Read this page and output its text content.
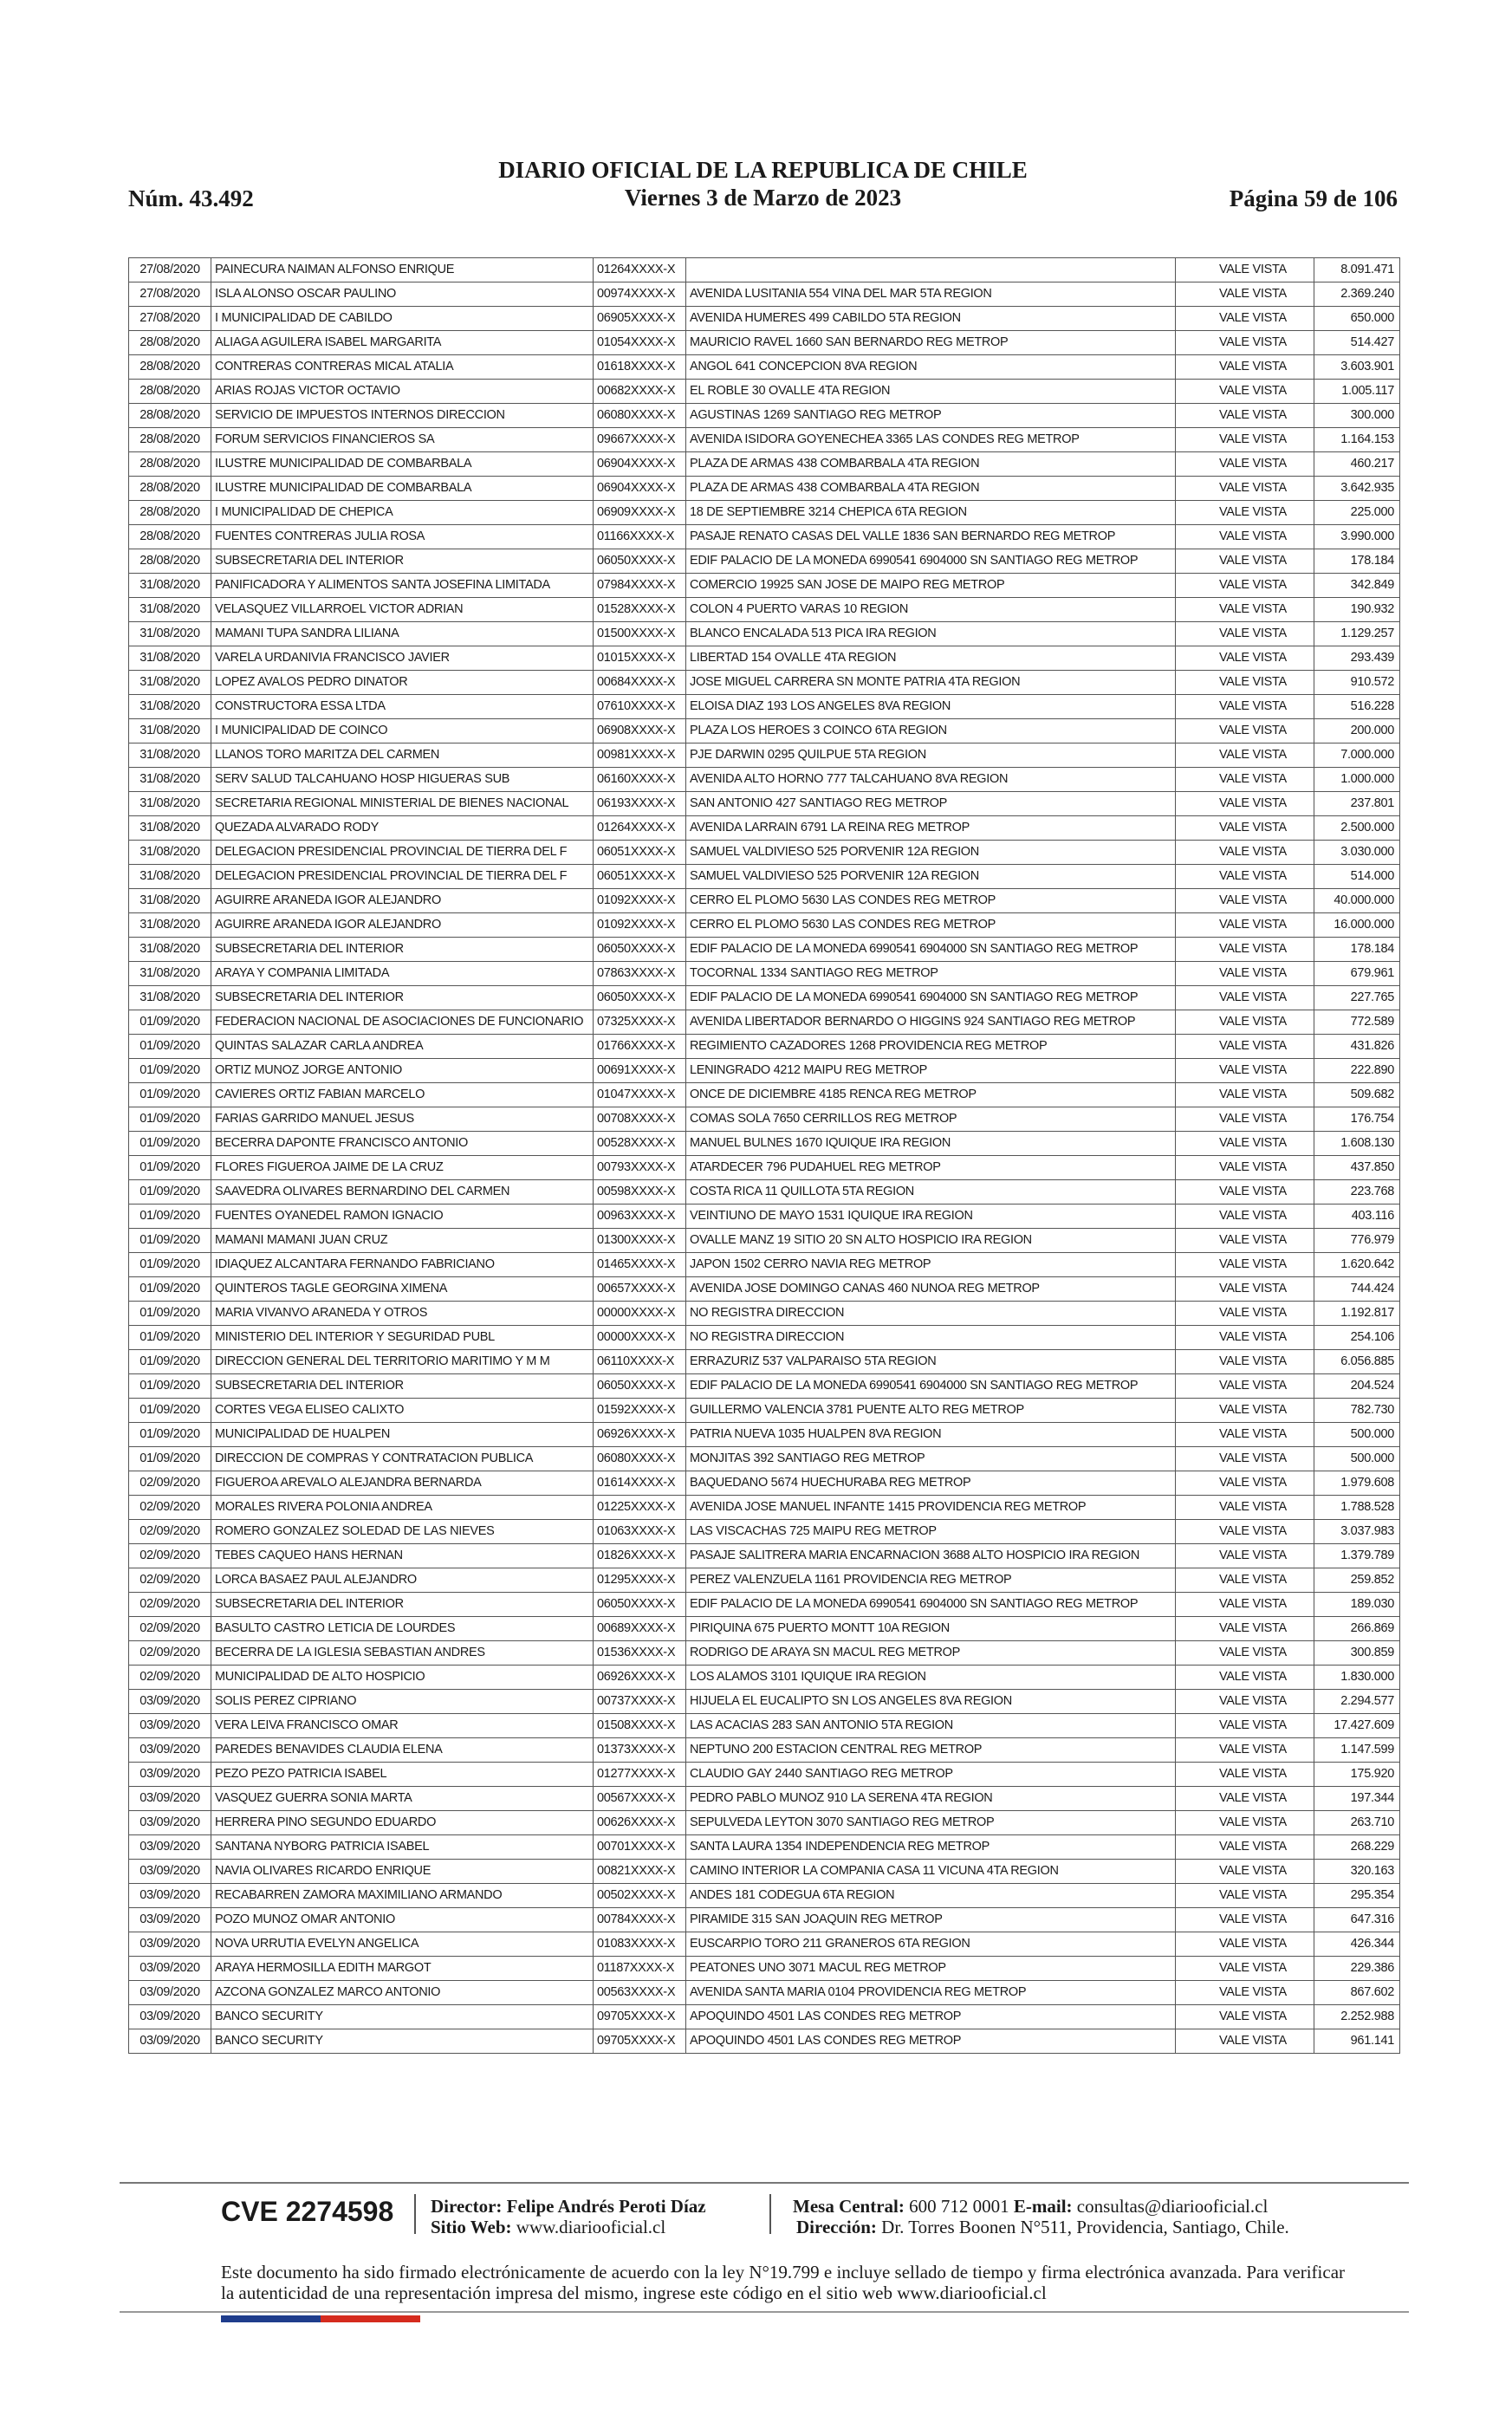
DIARIO OFICIAL DE LA REPUBLICA DE CHILE
Viernes 3 de Marzo de 2023
Núm. 43.492	Página 59 de 106
27/08/2020	PAINECURA NAIMAN ALFONSO ENRIQUE	01264XXXX-X		VALE VISTA	8.091.471
27/08/2020	ISLA ALONSO OSCAR PAULINO	00974XXXX-X	AVENIDA LUSITANIA 554 VINA DEL MAR 5TA REGION	VALE VISTA	2.369.240
27/08/2020	I MUNICIPALIDAD DE CABILDO	06905XXXX-X	AVENIDA HUMERES 499 CABILDO 5TA REGION	VALE VISTA	650.000
28/08/2020	ALIAGA AGUILERA ISABEL MARGARITA	01054XXXX-X	MAURICIO RAVEL 1660 SAN BERNARDO REG METROP	VALE VISTA	514.427
28/08/2020	CONTRERAS CONTRERAS MICAL ATALIA	01618XXXX-X	ANGOL 641 CONCEPCION 8VA REGION	VALE VISTA	3.603.901
28/08/2020	ARIAS ROJAS VICTOR OCTAVIO	00682XXXX-X	EL ROBLE 30 OVALLE 4TA REGION	VALE VISTA	1.005.117
28/08/2020	SERVICIO DE IMPUESTOS INTERNOS DIRECCION	06080XXXX-X	AGUSTINAS 1269 SANTIAGO REG METROP	VALE VISTA	300.000
28/08/2020	FORUM SERVICIOS FINANCIEROS SA	09667XXXX-X	AVENIDA ISIDORA GOYENECHEA 3365 LAS CONDES REG METROP	VALE VISTA	1.164.153
28/08/2020	ILUSTRE MUNICIPALIDAD DE COMBARBALA	06904XXXX-X	PLAZA DE ARMAS 438 COMBARBALA 4TA REGION	VALE VISTA	460.217
28/08/2020	ILUSTRE MUNICIPALIDAD DE COMBARBALA	06904XXXX-X	PLAZA DE ARMAS 438 COMBARBALA 4TA REGION	VALE VISTA	3.642.935
28/08/2020	I MUNICIPALIDAD DE CHEPICA	06909XXXX-X	18 DE SEPTIEMBRE 3214 CHEPICA 6TA REGION	VALE VISTA	225.000
28/08/2020	FUENTES CONTRERAS JULIA ROSA	01166XXXX-X	PASAJE RENATO CASAS DEL VALLE 1836 SAN BERNARDO REG METROP	VALE VISTA	3.990.000
28/08/2020	SUBSECRETARIA DEL INTERIOR	06050XXXX-X	EDIF PALACIO DE LA MONEDA 6990541 6904000 SN SANTIAGO REG METROP	VALE VISTA	178.184
31/08/2020	PANIFICADORA Y ALIMENTOS SANTA JOSEFINA LIMITADA	07984XXXX-X	COMERCIO 19925 SAN JOSE DE MAIPO REG METROP	VALE VISTA	342.849
31/08/2020	VELASQUEZ VILLARROEL VICTOR ADRIAN	01528XXXX-X	COLON 4 PUERTO VARAS 10 REGION	VALE VISTA	190.932
31/08/2020	MAMANI TUPA SANDRA LILIANA	01500XXXX-X	BLANCO ENCALADA 513 PICA IRA REGION	VALE VISTA	1.129.257
31/08/2020	VARELA URDANIVIA FRANCISCO JAVIER	01015XXXX-X	LIBERTAD 154 OVALLE 4TA REGION	VALE VISTA	293.439
31/08/2020	LOPEZ AVALOS PEDRO DINATOR	00684XXXX-X	JOSE MIGUEL CARRERA SN MONTE PATRIA 4TA REGION	VALE VISTA	910.572
31/08/2020	CONSTRUCTORA ESSA LTDA	07610XXXX-X	ELOISA DIAZ 193 LOS ANGELES 8VA REGION	VALE VISTA	516.228
31/08/2020	I MUNICIPALIDAD DE COINCO	06908XXXX-X	PLAZA LOS HEROES 3 COINCO 6TA REGION	VALE VISTA	200.000
31/08/2020	LLANOS TORO MARITZA DEL CARMEN	00981XXXX-X	PJE DARWIN 0295 QUILPUE 5TA REGION	VALE VISTA	7.000.000
31/08/2020	SERV SALUD TALCAHUANO HOSP HIGUERAS SUB	06160XXXX-X	AVENIDA ALTO HORNO 777 TALCAHUANO 8VA REGION	VALE VISTA	1.000.000
31/08/2020	SECRETARIA REGIONAL MINISTERIAL DE BIENES NACIONAL	06193XXXX-X	SAN ANTONIO 427 SANTIAGO REG METROP	VALE VISTA	237.801
31/08/2020	QUEZADA ALVARADO RODY	01264XXXX-X	AVENIDA LARRAIN 6791 LA REINA REG METROP	VALE VISTA	2.500.000
31/08/2020	DELEGACION PRESIDENCIAL PROVINCIAL DE TIERRA DEL F	06051XXXX-X	SAMUEL VALDIVIESO 525 PORVENIR 12A REGION	VALE VISTA	3.030.000
31/08/2020	DELEGACION PRESIDENCIAL PROVINCIAL DE TIERRA DEL F	06051XXXX-X	SAMUEL VALDIVIESO 525 PORVENIR 12A REGION	VALE VISTA	514.000
31/08/2020	AGUIRRE ARANEDA IGOR ALEJANDRO	01092XXXX-X	CERRO EL PLOMO 5630 LAS CONDES REG METROP	VALE VISTA	40.000.000
31/08/2020	AGUIRRE ARANEDA IGOR ALEJANDRO	01092XXXX-X	CERRO EL PLOMO 5630 LAS CONDES REG METROP	VALE VISTA	16.000.000
31/08/2020	SUBSECRETARIA DEL INTERIOR	06050XXXX-X	EDIF PALACIO DE LA MONEDA 6990541 6904000 SN SANTIAGO REG METROP	VALE VISTA	178.184
31/08/2020	ARAYA Y COMPANIA LIMITADA	07863XXXX-X	TOCORNAL 1334 SANTIAGO REG METROP	VALE VISTA	679.961
31/08/2020	SUBSECRETARIA DEL INTERIOR	06050XXXX-X	EDIF PALACIO DE LA MONEDA 6990541 6904000 SN SANTIAGO REG METROP	VALE VISTA	227.765
01/09/2020	FEDERACION NACIONAL DE ASOCIACIONES DE FUNCIONARIO	07325XXXX-X	AVENIDA LIBERTADOR BERNARDO O HIGGINS 924 SANTIAGO REG METROP	VALE VISTA	772.589
01/09/2020	QUINTAS SALAZAR CARLA ANDREA	01766XXXX-X	REGIMIENTO CAZADORES 1268 PROVIDENCIA REG METROP	VALE VISTA	431.826
01/09/2020	ORTIZ MUNOZ JORGE ANTONIO	00691XXXX-X	LENINGRADO 4212 MAIPU REG METROP	VALE VISTA	222.890
01/09/2020	CAVIERES ORTIZ FABIAN MARCELO	01047XXXX-X	ONCE DE DICIEMBRE 4185 RENCA REG METROP	VALE VISTA	509.682
01/09/2020	FARIAS GARRIDO MANUEL JESUS	00708XXXX-X	COMAS SOLA 7650 CERRILLOS REG METROP	VALE VISTA	176.754
01/09/2020	BECERRA DAPONTE FRANCISCO ANTONIO	00528XXXX-X	MANUEL BULNES 1670 IQUIQUE IRA REGION	VALE VISTA	1.608.130
01/09/2020	FLORES FIGUEROA JAIME DE LA CRUZ	00793XXXX-X	ATARDECER 796 PUDAHUEL REG METROP	VALE VISTA	437.850
01/09/2020	SAAVEDRA OLIVARES BERNARDINO DEL CARMEN	00598XXXX-X	COSTA RICA 11 QUILLOTA 5TA REGION	VALE VISTA	223.768
01/09/2020	FUENTES OYANEDEL RAMON IGNACIO	00963XXXX-X	VEINTIUNO DE MAYO 1531 IQUIQUE IRA REGION	VALE VISTA	403.116
01/09/2020	MAMANI MAMANI JUAN CRUZ	01300XXXX-X	OVALLE MANZ 19 SITIO 20 SN ALTO HOSPICIO IRA REGION	VALE VISTA	776.979
01/09/2020	IDIAQUEZ ALCANTARA FERNANDO FABRICIANO	01465XXXX-X	JAPON 1502 CERRO NAVIA REG METROP	VALE VISTA	1.620.642
01/09/2020	QUINTEROS TAGLE GEORGINA XIMENA	00657XXXX-X	AVENIDA JOSE DOMINGO CANAS 460 NUNOA REG METROP	VALE VISTA	744.424
01/09/2020	MARIA VIVANVO ARANEDA Y OTROS	00000XXXX-X	NO REGISTRA DIRECCION	VALE VISTA	1.192.817
01/09/2020	MINISTERIO DEL INTERIOR Y SEGURIDAD PUBL	00000XXXX-X	NO REGISTRA DIRECCION	VALE VISTA	254.106
01/09/2020	DIRECCION GENERAL DEL TERRITORIO MARITIMO Y M M	06110XXXX-X	ERRAZURIZ 537 VALPARAISO 5TA REGION	VALE VISTA	6.056.885
01/09/2020	SUBSECRETARIA DEL INTERIOR	06050XXXX-X	EDIF PALACIO DE LA MONEDA 6990541 6904000 SN SANTIAGO REG METROP	VALE VISTA	204.524
01/09/2020	CORTES VEGA ELISEO CALIXTO	01592XXXX-X	GUILLERMO VALENCIA 3781 PUENTE ALTO REG METROP	VALE VISTA	782.730
01/09/2020	MUNICIPALIDAD DE HUALPEN	06926XXXX-X	PATRIA NUEVA 1035 HUALPEN 8VA REGION	VALE VISTA	500.000
01/09/2020	DIRECCION DE COMPRAS Y CONTRATACION PUBLICA	06080XXXX-X	MONJITAS 392 SANTIAGO REG METROP	VALE VISTA	500.000
02/09/2020	FIGUEROA AREVALO ALEJANDRA BERNARDA	01614XXXX-X	BAQUEDANO 5674 HUECHURABA REG METROP	VALE VISTA	1.979.608
02/09/2020	MORALES RIVERA POLONIA ANDREA	01225XXXX-X	AVENIDA JOSE MANUEL INFANTE 1415 PROVIDENCIA REG METROP	VALE VISTA	1.788.528
02/09/2020	ROMERO GONZALEZ SOLEDAD DE LAS NIEVES	01063XXXX-X	LAS VISCACHAS 725 MAIPU REG METROP	VALE VISTA	3.037.983
02/09/2020	TEBES CAQUEO HANS HERNAN	01826XXXX-X	PASAJE SALITRERA MARIA ENCARNACION 3688 ALTO HOSPICIO IRA REGION	VALE VISTA	1.379.789
02/09/2020	LORCA BASAEZ PAUL ALEJANDRO	01295XXXX-X	PEREZ VALENZUELA 1161 PROVIDENCIA REG METROP	VALE VISTA	259.852
02/09/2020	SUBSECRETARIA DEL INTERIOR	06050XXXX-X	EDIF PALACIO DE LA MONEDA 6990541 6904000 SN SANTIAGO REG METROP	VALE VISTA	189.030
02/09/2020	BASULTO CASTRO LETICIA DE LOURDES	00689XXXX-X	PIRIQUINA 675 PUERTO MONTT 10A REGION	VALE VISTA	266.869
02/09/2020	BECERRA DE LA IGLESIA SEBASTIAN ANDRES	01536XXXX-X	RODRIGO DE ARAYA SN MACUL REG METROP	VALE VISTA	300.859
02/09/2020	MUNICIPALIDAD DE ALTO HOSPICIO	06926XXXX-X	LOS ALAMOS 3101 IQUIQUE IRA REGION	VALE VISTA	1.830.000
03/09/2020	SOLIS PEREZ CIPRIANO	00737XXXX-X	HIJUELA EL EUCALIPTO SN LOS ANGELES 8VA REGION	VALE VISTA	2.294.577
03/09/2020	VERA LEIVA FRANCISCO OMAR	01508XXXX-X	LAS ACACIAS 283 SAN ANTONIO 5TA REGION	VALE VISTA	17.427.609
03/09/2020	PAREDES BENAVIDES CLAUDIA ELENA	01373XXXX-X	NEPTUNO 200 ESTACION CENTRAL REG METROP	VALE VISTA	1.147.599
03/09/2020	PEZO PEZO PATRICIA ISABEL	01277XXXX-X	CLAUDIO GAY 2440 SANTIAGO REG METROP	VALE VISTA	175.920
03/09/2020	VASQUEZ GUERRA SONIA MARTA	00567XXXX-X	PEDRO PABLO MUNOZ 910 LA SERENA 4TA REGION	VALE VISTA	197.344
03/09/2020	HERRERA PINO SEGUNDO EDUARDO	00626XXXX-X	SEPULVEDA LEYTON 3070 SANTIAGO REG METROP	VALE VISTA	263.710
03/09/2020	SANTANA NYBORG PATRICIA ISABEL	00701XXXX-X	SANTA LAURA 1354 INDEPENDENCIA REG METROP	VALE VISTA	268.229
03/09/2020	NAVIA OLIVARES RICARDO ENRIQUE	00821XXXX-X	CAMINO INTERIOR LA COMPANIA CASA 11 VICUNA 4TA REGION	VALE VISTA	320.163
03/09/2020	RECABARREN ZAMORA MAXIMILIANO ARMANDO	00502XXXX-X	ANDES 181 CODEGUA 6TA REGION	VALE VISTA	295.354
03/09/2020	POZO MUNOZ OMAR ANTONIO	00784XXXX-X	PIRAMIDE 315 SAN JOAQUIN REG METROP	VALE VISTA	647.316
03/09/2020	NOVA URRUTIA EVELYN ANGELICA	01083XXXX-X	EUSCARPIO TORO 211 GRANEROS 6TA REGION	VALE VISTA	426.344
03/09/2020	ARAYA HERMOSILLA EDITH MARGOT	01187XXXX-X	PEATONES UNO 3071 MACUL REG METROP	VALE VISTA	229.386
03/09/2020	AZCONA GONZALEZ MARCO ANTONIO	00563XXXX-X	AVENIDA SANTA MARIA 0104 PROVIDENCIA REG METROP	VALE VISTA	867.602
03/09/2020	BANCO SECURITY	09705XXXX-X	APOQUINDO 4501 LAS CONDES REG METROP	VALE VISTA	2.252.988
03/09/2020	BANCO SECURITY	09705XXXX-X	APOQUINDO 4501 LAS CONDES REG METROP	VALE VISTA	961.141
CVE 2274598 Director: Felipe Andrés Peroti Díaz
Sitio Web: www.diariooficial.cl
Mesa Central: 600 712 0001 E-mail: consultas@diariooficial.cl
Dirección: Dr. Torres Boonen N°511, Providencia, Santiago, Chile.
Este documento ha sido firmado electrónicamente de acuerdo con la ley N°19.799 e incluye sellado de tiempo y firma electrónica avanzada. Para verificar la autenticidad de una representación impresa del mismo, ingrese este código en el sitio web www.diariooficial.cl
